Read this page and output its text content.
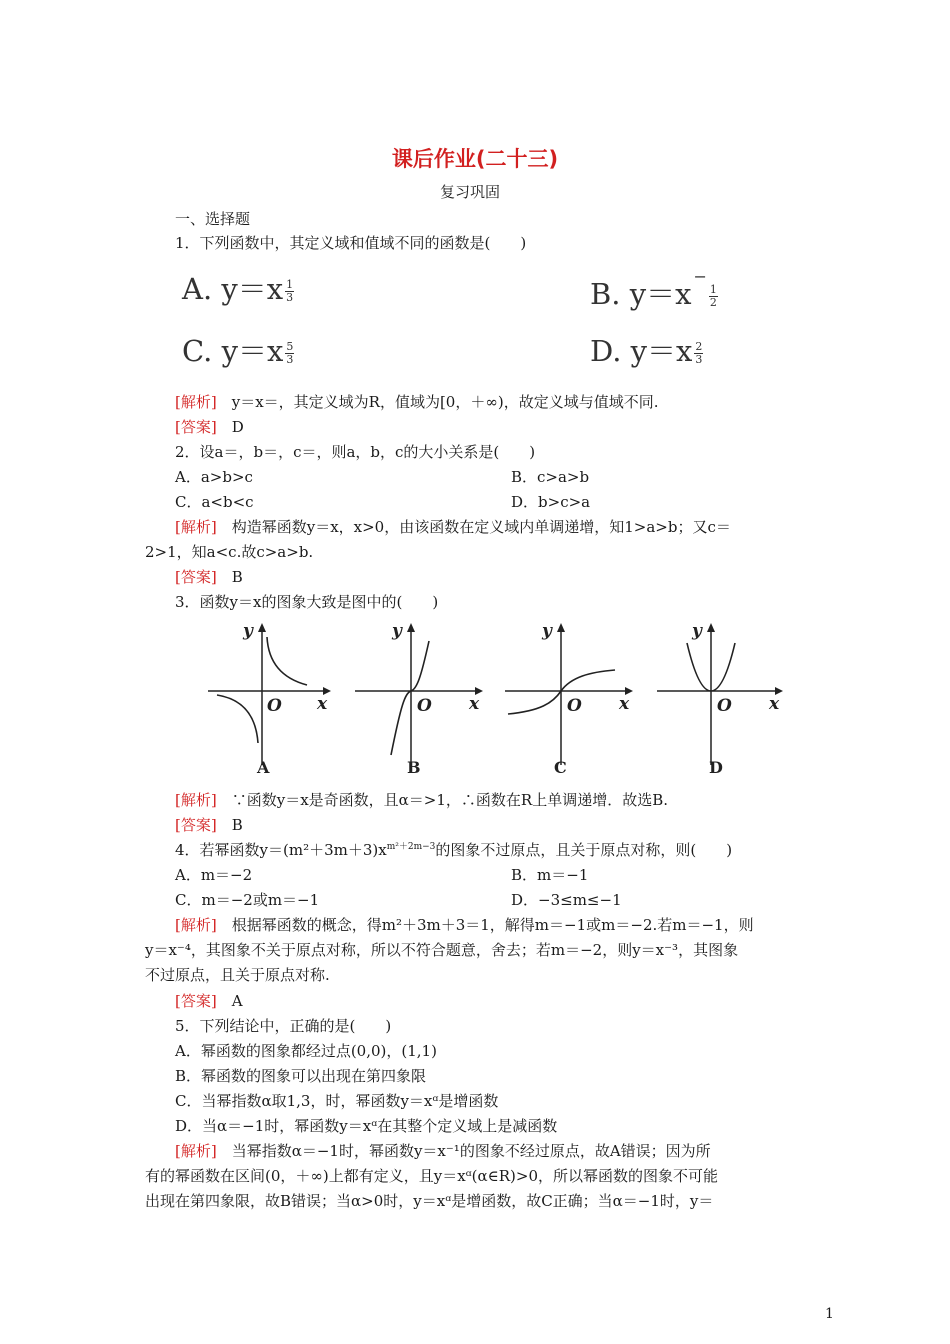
课后作业(二十三)
复习巩固
一、选择题
1．下列函数中，其定义域和值域不同的函数是(　　)
A. $y=x \frac{1}{3}$	B. y＝x−
$\frac{1}{2}$
C. $y=x \frac{5}{3}$	D. $y=x \frac{2}{3}$
[解析]　y＝x＝，其定义域为R，值域为[0，＋∞)，故定义域与值域不同.
[答案]　D
2．设a＝，b＝，c＝，则a，b，c的大小关系是(　　)
A．a>b>c	B．c>a>b
C．a<b<c	D．b>c>a
[解析]　构造幂函数y＝x，x>0，由该函数在定义域内单调递增，知1>a>b；又c＝
2>1，知a<c.故c>a>b.
[答案]　B
3．函数y＝x的图象大致是图中的(　　)
y
x
O
A
y
x
O
B
y
x
O
C
y
x
O
D
[解析]　∵函数y＝x是奇函数，且α＝>1，∴函数在R上单调递增．故选B.
[答案]　B
4．若幂函数$y=(m^2+3m+3)x^{m^2+2m-3}$的图象不过原点，且关于原点对称，则(　　)
A．m＝−2	B．m＝−1
C．m＝−2或m＝−1	D．−3≤m≤−1
[解析]　根据幂函数的概念，得m²＋3m＋3＝1，解得m＝−1或m＝−2.若m＝−1，则
y＝x⁻⁴，其图象不关于原点对称，所以不符合题意，舍去；若m＝−2，则y＝x⁻³，其图象
不过原点，且关于原点对称.
[答案]　A
5．下列结论中，正确的是(　　)
A．幂函数的图象都经过点(0,0)，(1,1)
B．幂函数的图象可以出现在第四象限
C．当幂指数α取1,3，时，幂函数y＝xᵅ是增函数
D．当α＝−1时，幂函数y＝xᵅ在其整个定义域上是减函数
[解析]　当幂指数α＝−1时，幂函数y＝x⁻¹的图象不经过原点，故A错误；因为所
有的幂函数在区间(0，＋∞)上都有定义，且y＝xᵅ(α∈R)>0，所以幂函数的图象不可能
出现在第四象限，故B错误；当α>0时，y＝xᵅ是增函数，故C正确；当α＝−1时，y＝
1
